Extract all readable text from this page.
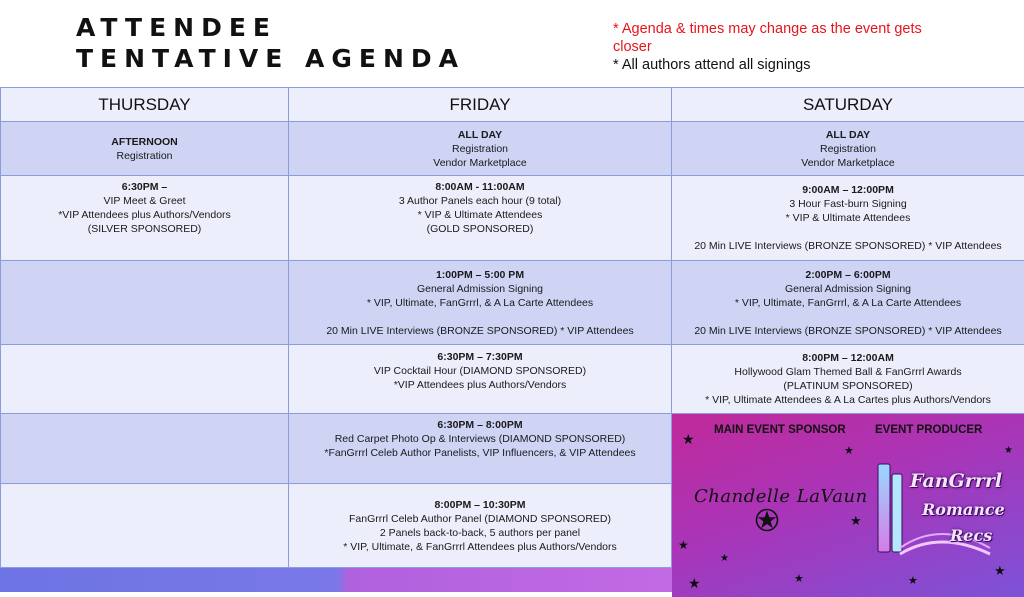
ATTENDEE
TENTATIVE AGENDA
* Agenda & times may change as the event gets closer
* All authors attend all signings
THURSDAY	FRIDAY	SATURDAY

AFTERNOON
Registration	ALL DAY
Registration
Vendor Marketplace	ALL DAY
Registration
Vendor Marketplace

6:30PM –
VIP Meet & Greet
*VIP Attendees plus Authors/Vendors
(SILVER SPONSORED)	8:00AM - 11:00AM
3 Author Panels each hour (9 total)
* VIP & Ultimate Attendees
(GOLD SPONSORED)	9:00AM – 12:00PM
3 Hour Fast-burn Signing
* VIP & Ultimate Attendees
20 Min LIVE Interviews (BRONZE SPONSORED) * VIP Attendees

	1:00PM – 5:00 PM
General Admission Signing
* VIP, Ultimate, FanGrrrl, & A La Carte Attendees
20 Min LIVE Interviews (BRONZE SPONSORED) * VIP Attendees	2:00PM – 6:00PM
General Admission Signing
* VIP, Ultimate, FanGrrrl, & A La Carte Attendees
20 Min LIVE Interviews (BRONZE SPONSORED) * VIP Attendees

	6:30PM – 7:30PM
VIP Cocktail Hour (DIAMOND SPONSORED)
*VIP Attendees plus Authors/Vendors	8:00PM – 12:00AM
Hollywood Glam Themed Ball & FanGrrrl Awards
(PLATINUM SPONSORED)
* VIP, Ultimate Attendees & A La Cartes plus Authors/Vendors

	6:30PM – 8:00PM
Red Carpet Photo Op & Interviews (DIAMOND SPONSORED)
*FanGrrrl Celeb Author Panelists, VIP Influencers, & VIP Attendees	

	8:00PM – 10:30PM
FanGrrrl Celeb Author Panel (DIAMOND SPONSORED)
2 Panels back-to-back, 5 authors per panel
* VIP, Ultimate, & FanGrrrl Attendees plus Authors/Vendors	

MAIN EVENT SPONSOR	EVENT PRODUCER
Chandelle LaVaun
FanGrrrl
Romance
Recs
★
★
★
★
★	★
★
★
★
★
